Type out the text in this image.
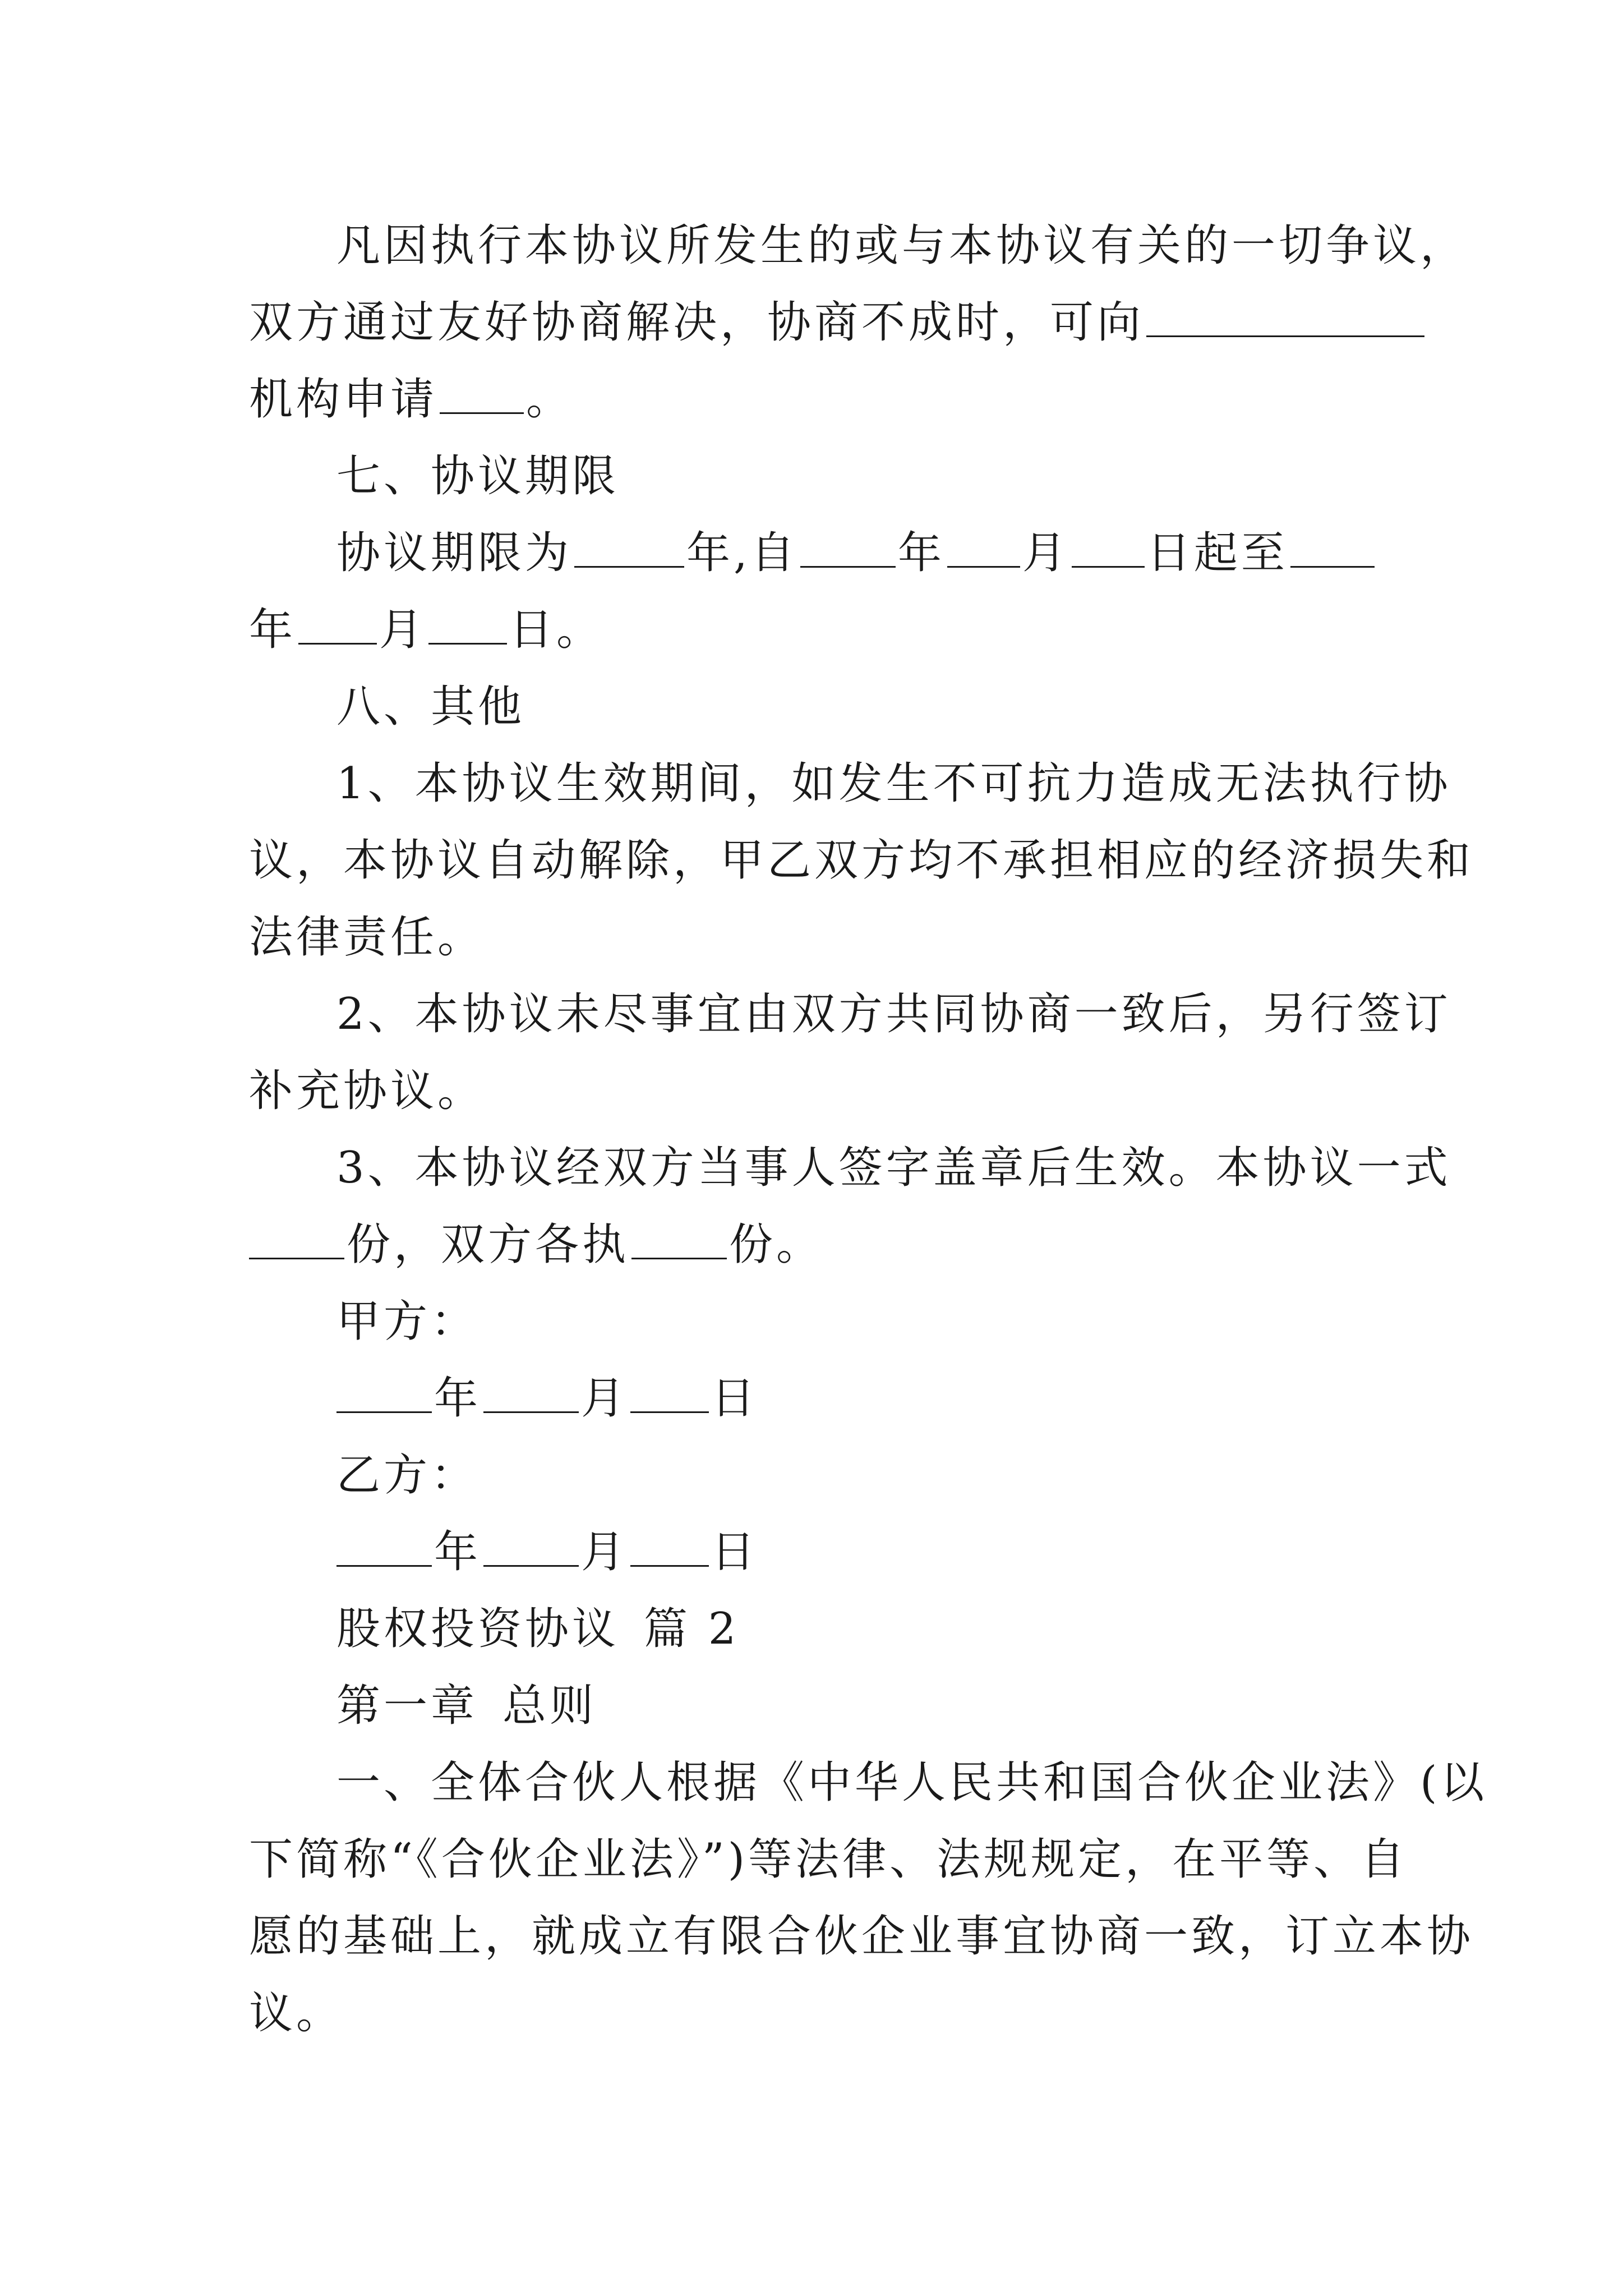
凡因执行本协议所发生的或与本协议有关的一切争议，
双方通过友好协商解决，协商不成时，可向
机构申请 。
七、协议期限
协议期限为	年,自 年 月 日起至
年 月 日。
八、其他
1、本协议生效期间，如发生不可抗力造成无法执行协
议，本协议自动解除，甲乙双方均不承担相应的经济损失和
法律责任。
2、本协议未尽事宜由双方共同协商一致后，另行签订
补充协议。
3、本协议经双方当事人签字盖章后生效。本协议一式
份，双方各执 份。
甲方：
年 月 日
乙方：
年 月 日
股权投资协议 篇 2
第一章 总则
一、全体合伙人根据《中华人民共和国合伙企业法》(以
下简称“《合伙企业法》”)等法律、法规规定，在平等、自
愿的基础上，就成立有限合伙企业事宜协商一致，订立本协
议。
